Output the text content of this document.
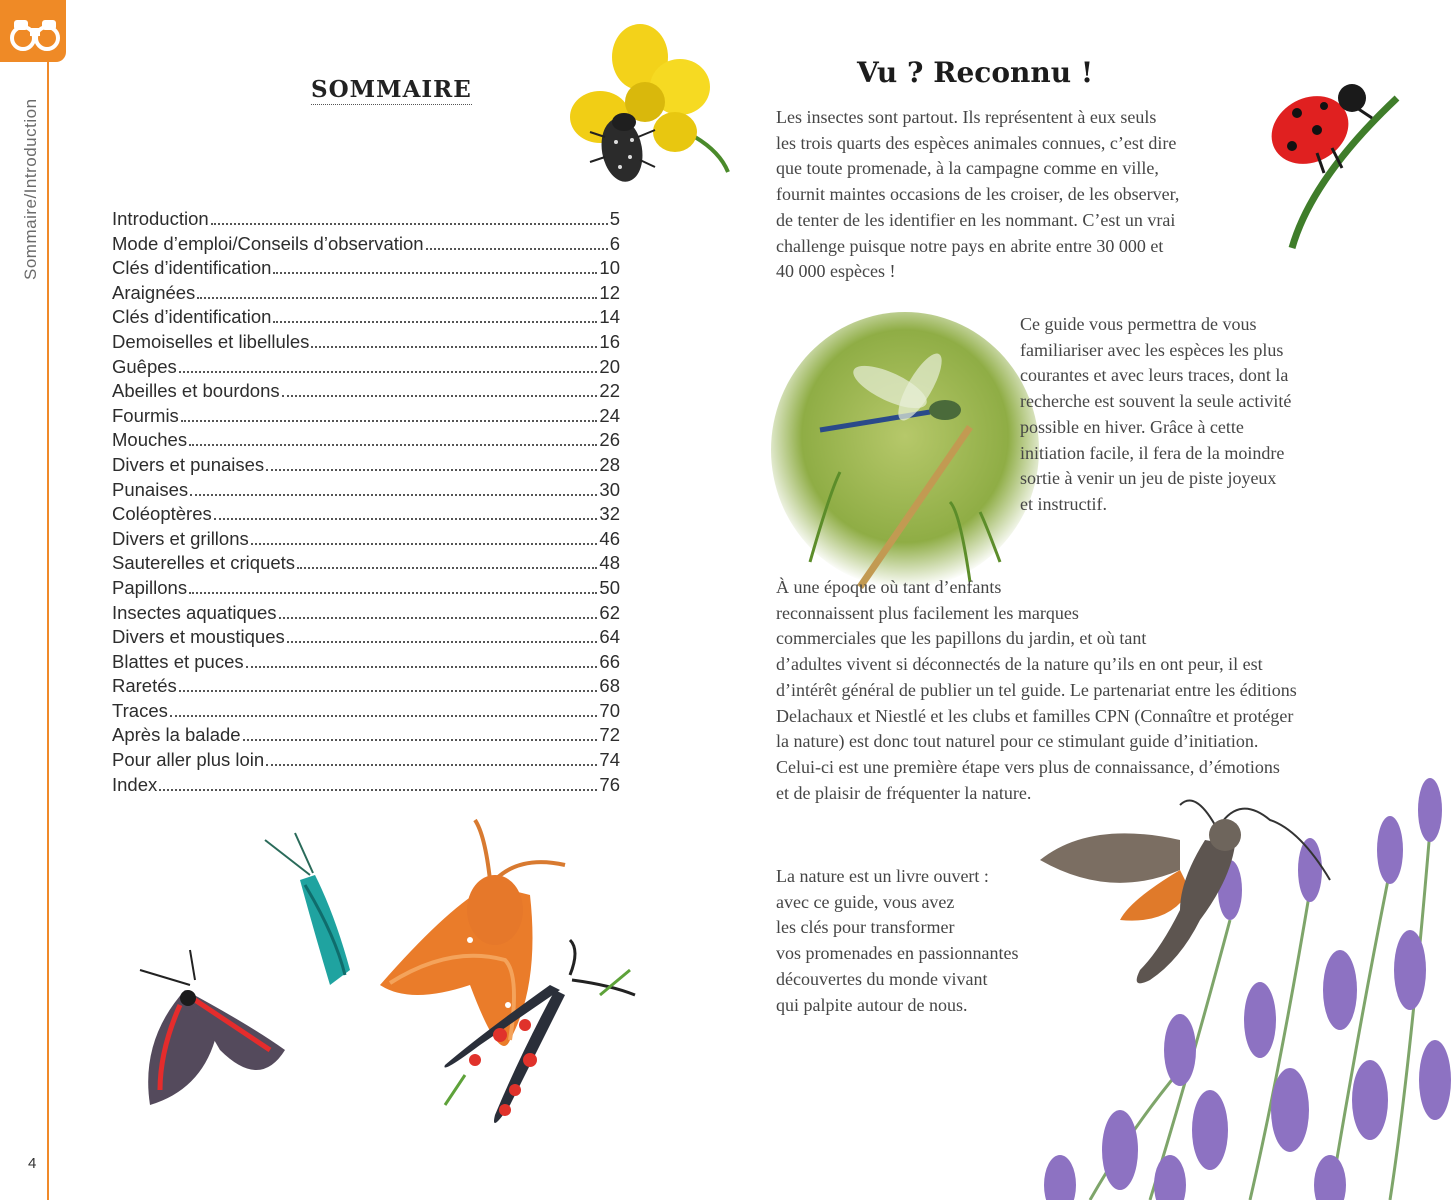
Sommaire/Introduction
4
SOMMAIRE
Introduction	5
Mode d’emploi/Conseils d’observation	6
Clés d’identification	10
Araignées	12
Clés d’identification	14
Demoiselles et libellules	16
Guêpes	20
Abeilles et bourdons	22
Fourmis	24
Mouches	26
Divers et punaises	28
Punaises	30
Coléoptères	32
Divers et grillons	46
Sauterelles et criquets	48
Papillons	50
Insectes aquatiques	62
Divers et moustiques	64
Blattes et puces	66
Raretés	68
Traces	70
Après la balade	72
Pour aller plus loin	74
Index	76
Vu ? Reconnu !
Les insectes sont partout. Ils représentent à eux seuls
les trois quarts des espèces animales connues, c’est dire
que toute promenade, à la campagne comme en ville,
fournit maintes occasions de les croiser, de les observer,
de tenter de les identifier en les nommant. C’est un vrai
challenge puisque notre pays en abrite entre 30 000 et
40 000 espèces !
Ce guide vous permettra de vous
familiariser avec les espèces les plus
courantes et avec leurs traces, dont la
recherche est souvent la seule activité
possible en hiver. Grâce à cette
initiation facile, il fera de la moindre
sortie à venir un jeu de piste joyeux
et instructif.
À une époque où tant d’enfants
reconnaissent plus facilement les marques
commerciales que les papillons du jardin, et où tant
d’adultes vivent si déconnectés de la nature qu’ils en ont peur, il est
d’intérêt général de publier un tel guide. Le partenariat entre les éditions
Delachaux et Niestlé et les clubs et familles CPN (Connaître et protéger
la nature) est donc tout naturel pour ce stimulant guide d’initiation.
Celui-ci est une première étape vers plus de connaissance, d’émotions
et de plaisir de fréquenter la nature.
La nature est un livre ouvert :
avec ce guide, vous avez
les clés pour transformer
vos promenades en passionnantes
découvertes du monde vivant
qui palpite autour de nous.
